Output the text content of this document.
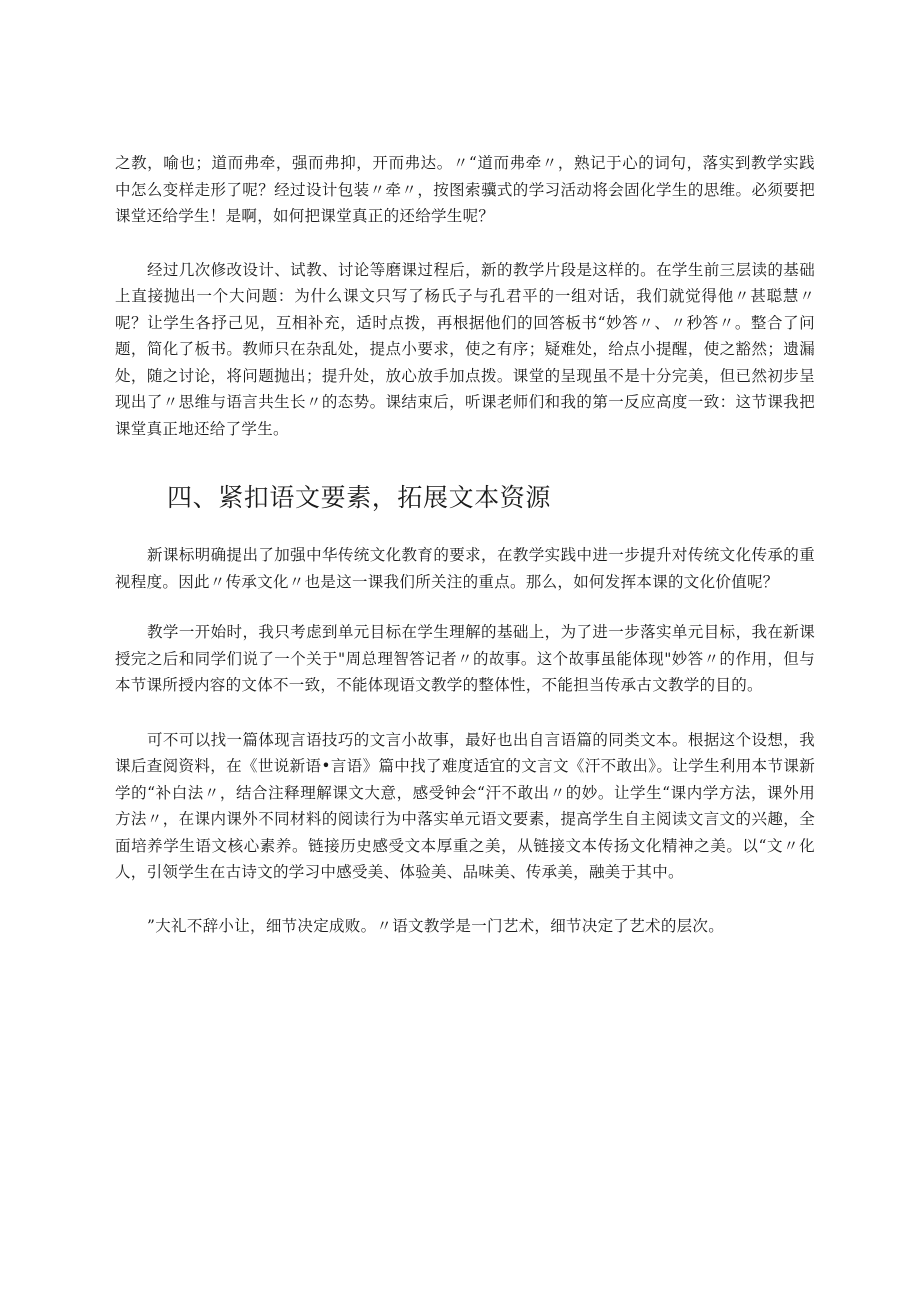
之教，喻也；道而弗牵，强而弗抑，开而弗达。〃“道而弗牵〃，熟记于心的词句，落实到教学实践中怎么变样走形了呢？经过设计包装〃牵〃，按图索骥式的学习活动将会固化学生的思维。必须要把课堂还给学生！是啊，如何把课堂真正的还给学生呢？

经过几次修改设计、试教、讨论等磨课过程后，新的教学片段是这样的。在学生前三层读的基础上直接抛出一个大问题：为什么课文只写了杨氏子与孔君平的一组对话，我们就觉得他〃甚聪慧〃呢？让学生各抒己见，互相补充，适时点拨，再根据他们的回答板书“妙答〃、〃秒答〃。整合了问题，简化了板书。教师只在杂乱处，提点小要求，使之有序；疑难处，给点小提醒，使之豁然；遗漏处，随之讨论，将问题抛出；提升处，放心放手加点拨。课堂的呈现虽不是十分完美，但已然初步呈现出了〃思维与语言共生长〃的态势。课结束后，听课老师们和我的第一反应高度一致：这节课我把课堂真正地还给了学生。

四、紧扣语文要素，拓展文本资源

新课标明确提出了加强中华传统文化教育的要求，在教学实践中进一步提升对传统文化传承的重视程度。因此〃传承文化〃也是这一课我们所关注的重点。那么，如何发挥本课的文化价值呢？

教学一开始时，我只考虑到单元目标在学生理解的基础上，为了进一步落实单元目标，我在新课授完之后和同学们说了一个关于"周总理智答记者〃的故事。这个故事虽能体现"妙答〃的作用，但与本节课所授内容的文体不一致，不能体现语文教学的整体性，不能担当传承古文教学的目的。

可不可以找一篇体现言语技巧的文言小故事，最好也出自言语篇的同类文本。根据这个设想，我课后查阅资料，在《世说新语•言语》篇中找了难度适宜的文言文《汗不敢出》。让学生利用本节课新学的“补白法〃，结合注释理解课文大意，感受钟会“汗不敢出〃的妙。让学生“课内学方法，课外用方法〃，在课内课外不同材料的阅读行为中落实单元语文要素，提高学生自主阅读文言文的兴趣，全面培养学生语文核心素养。链接历史感受文本厚重之美，从链接文本传扬文化精神之美。以“文〃化人，引领学生在古诗文的学习中感受美、体验美、品味美、传承美，融美于其中。

”大礼不辞小让，细节决定成败。〃语文教学是一门艺术，细节决定了艺术的层次。
